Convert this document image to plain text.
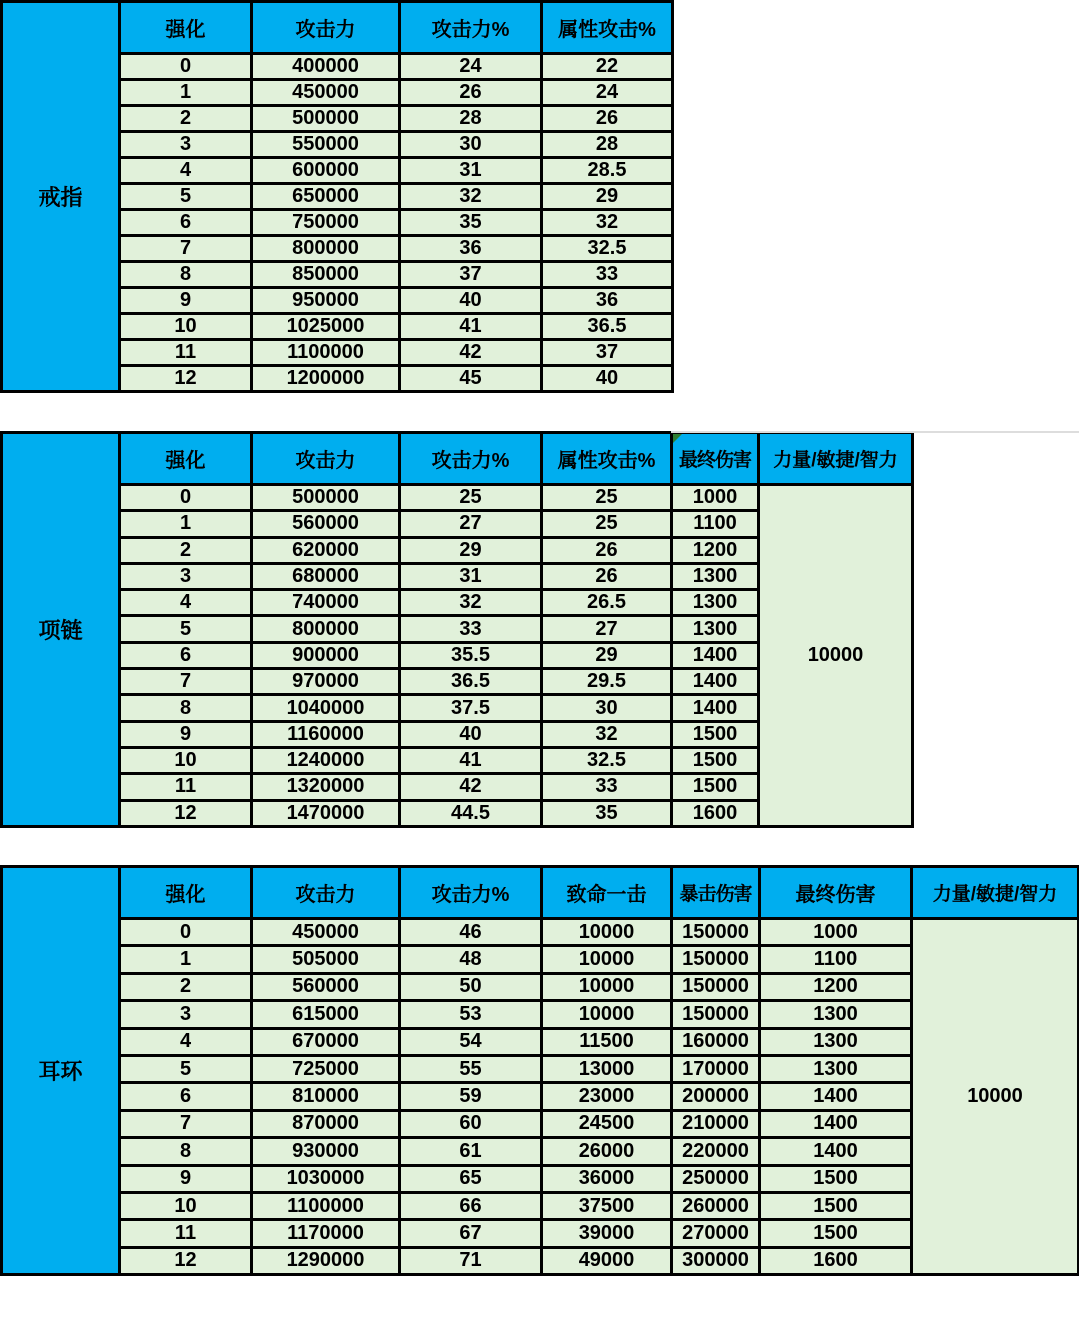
戒指	强化	攻击力	攻击力%	属性攻击%
	0	400000	24	22
	1	450000	26	24
	2	500000	28	26
	3	550000	30	28
	4	600000	31	28.5
	5	650000	32	29
	6	750000	35	32
	7	800000	36	32.5
	8	850000	37	33
	9	950000	40	36
	10	1025000	41	36.5
	11	1100000	42	37
	12	1200000	45	40
项链	强化	攻击力	攻击力%	属性攻击%	最终伤害	力量/敏捷/智力
	0	500000	25	25	1000	10000
	1	560000	27	25	1100	
	2	620000	29	26	1200	
	3	680000	31	26	1300	
	4	740000	32	26.5	1300	
	5	800000	33	27	1300	
	6	900000	35.5	29	1400	
	7	970000	36.5	29.5	1400	
	8	1040000	37.5	30	1400	
	9	1160000	40	32	1500	
	10	1240000	41	32.5	1500	
	11	1320000	42	33	1500	
	12	1470000	44.5	35	1600	
耳环	强化	攻击力	攻击力%	致命一击	暴击伤害	最终伤害	力量/敏捷/智力
	0	450000	46	10000	150000	1000	10000
	1	505000	48	10000	150000	1100	
	2	560000	50	10000	150000	1200	
	3	615000	53	10000	150000	1300	
	4	670000	54	11500	160000	1300	
	5	725000	55	13000	170000	1300	
	6	810000	59	23000	200000	1400	
	7	870000	60	24500	210000	1400	
	8	930000	61	26000	220000	1400	
	9	1030000	65	36000	250000	1500	
	10	1100000	66	37500	260000	1500	
	11	1170000	67	39000	270000	1500	
	12	1290000	71	49000	300000	1600	
